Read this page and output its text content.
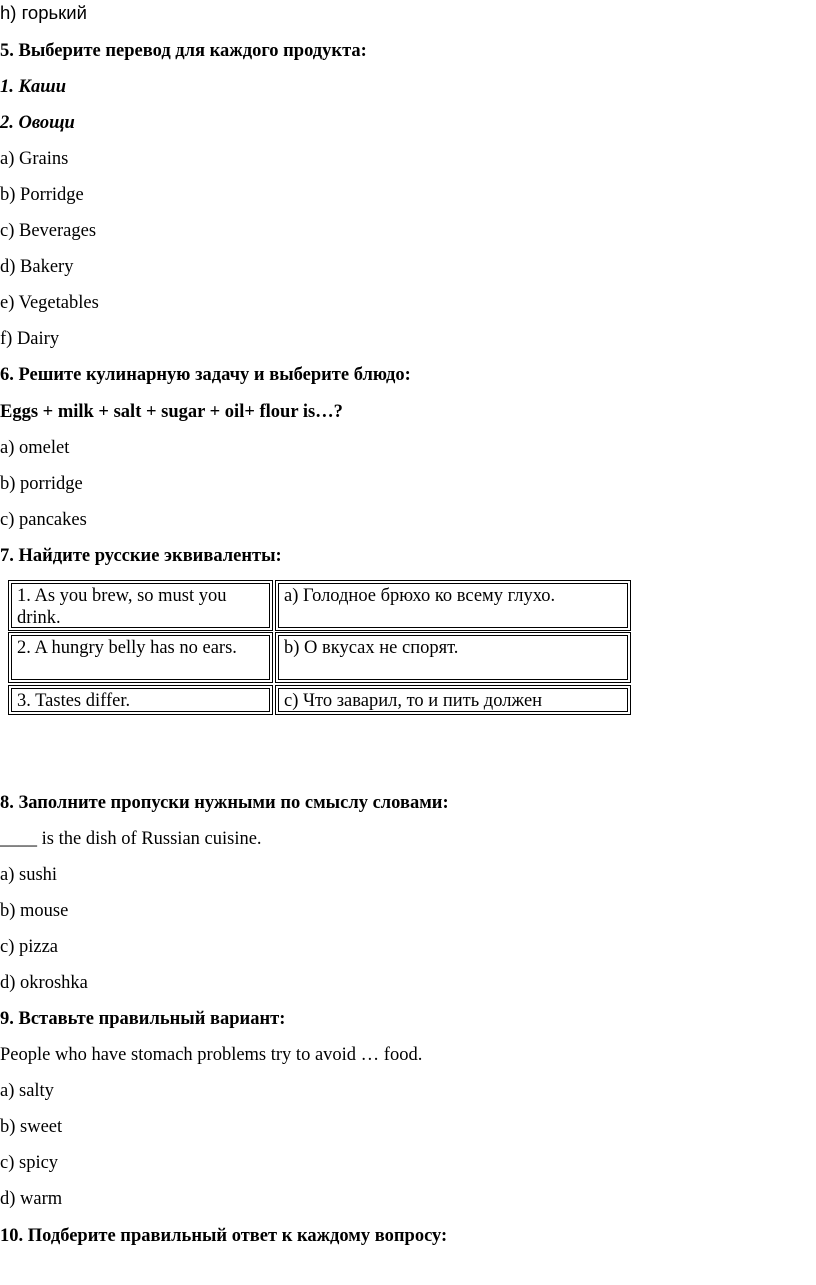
h) горький
5. Выберите перевод для каждого продукта:
1. Каши
2. Овощи
a) Grains
b) Porridge
c) Beverages
d) Bakery
e) Vegetables
f) Dairy
6. Решите кулинарную задачу и выберите блюдо:
Eggs + milk + salt + sugar + oil+ flour is…?
a) omelet
b) porridge
c) pancakes
7. Найдите русские эквиваленты:
1. As you brew, so must you drink.
a) Голодное брюхо ко всему глухо.
2. A hungry belly has no ears.	b) О вкусах не спорят.
3. Tastes differ.	c) Что заварил, то и пить должен
8. Заполните пропуски нужными по смыслу словами:
____ is the dish of Russian cuisine.
a) sushi
b) mouse
c) pizza
d) okroshka
9. Вставьте правильный вариант:
People who have stomach problems try to avoid … food.
a) salty
b) sweet
c) spicy
d) warm
10. Подберите правильный ответ к каждому вопросу:
